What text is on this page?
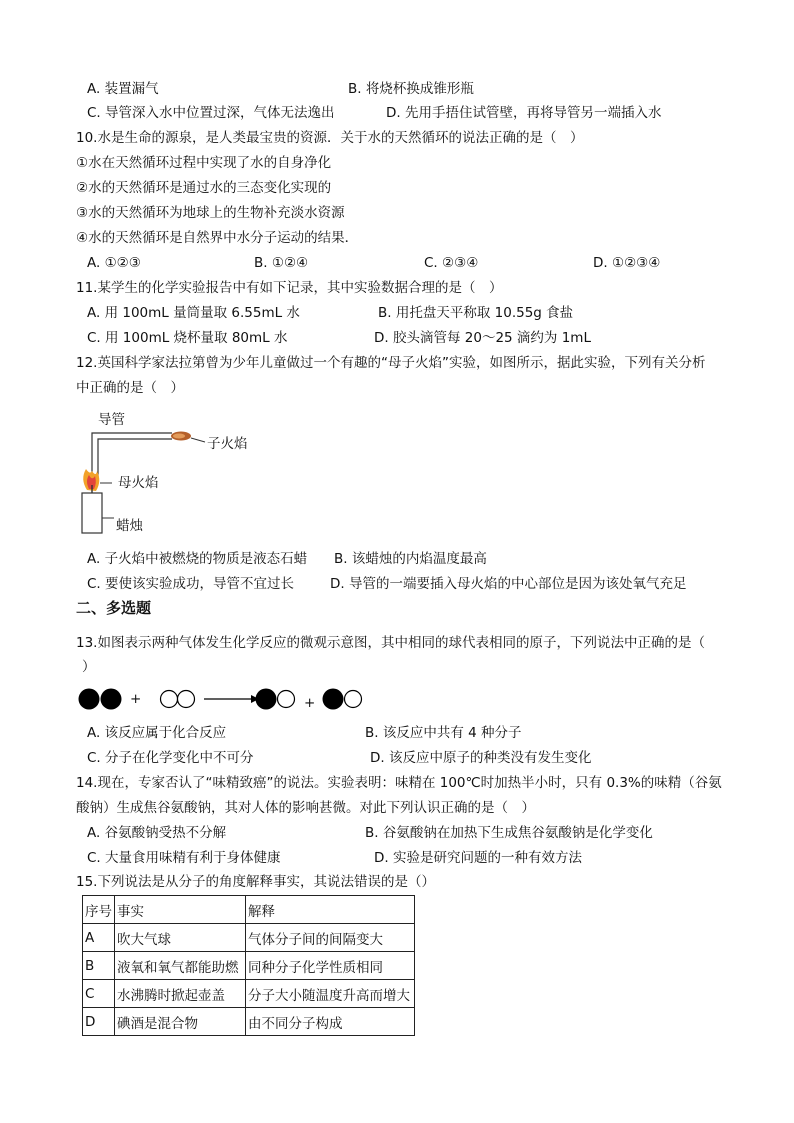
A. 装置漏气	B. 将烧杯换成锥形瓶
C. 导管深入水中位置过深，气体无法逸出	D. 先用手捂住试管壁，再将导管另一端插入水
10.水是生命的源泉，是人类最宝贵的资源．关于水的天然循环的说法正确的是（　）
①水在天然循环过程中实现了水的自身净化
②水的天然循环是通过水的三态变化实现的
③水的天然循环为地球上的生物补充淡水资源
④水的天然循环是自然界中水分子运动的结果．
A. ①②③	B. ①②④	C. ②③④	D. ①②③④
11.某学生的化学实验报告中有如下记录，其中实验数据合理的是（　）
A. 用 100mL 量筒量取 6.55mL 水	B. 用托盘天平称取 10.55g 食盐
C. 用 100mL 烧杯量取 80mL 水	D. 胶头滴管每 20～25 滴约为 1mL
12.英国科学家法拉第曾为少年儿童做过一个有趣的“母子火焰”实验，如图所示，据此实验，下列有关分析
中正确的是（　）
导管
子火焰
母火焰
蜡烛
A. 子火焰中被燃烧的物质是液态石蜡 B. 该蜡烛的内焰温度最高
C. 要使该实验成功，导管不宜过长	D. 导管的一端要插入母火焰的中心部位是因为该处氧气充足
二、多选题
13.如图表示两种气体发生化学反应的微观示意图，其中相同的球代表相同的原子，下列说法中正确的是（
）
+	+
A. 该反应属于化合反应	B. 该反应中共有 4 种分子
C. 分子在化学变化中不可分	D. 该反应中原子的种类没有发生变化
14.现在，专家否认了“味精致癌”的说法。实验表明：味精在 100℃时加热半小时，只有 0.3%的味精（谷氨
酸钠）生成焦谷氨酸钠，其对人体的影响甚微。对此下列认识正确的是（　）
A. 谷氨酸钠受热不分解	B. 谷氨酸钠在加热下生成焦谷氨酸钠是化学变化
C. 大量食用味精有利于身体健康	D. 实验是研究问题的一种有效方法
15.下列说法是从分子的角度解释事实，其说法错误的是（）
序号	事实	解释
A	吹大气球	气体分子间的间隔变大
B	液氧和氧气都能助燃	同种分子化学性质相同
C	水沸腾时掀起壶盖	分子大小随温度升高而增大
D	碘酒是混合物	由不同分子构成
